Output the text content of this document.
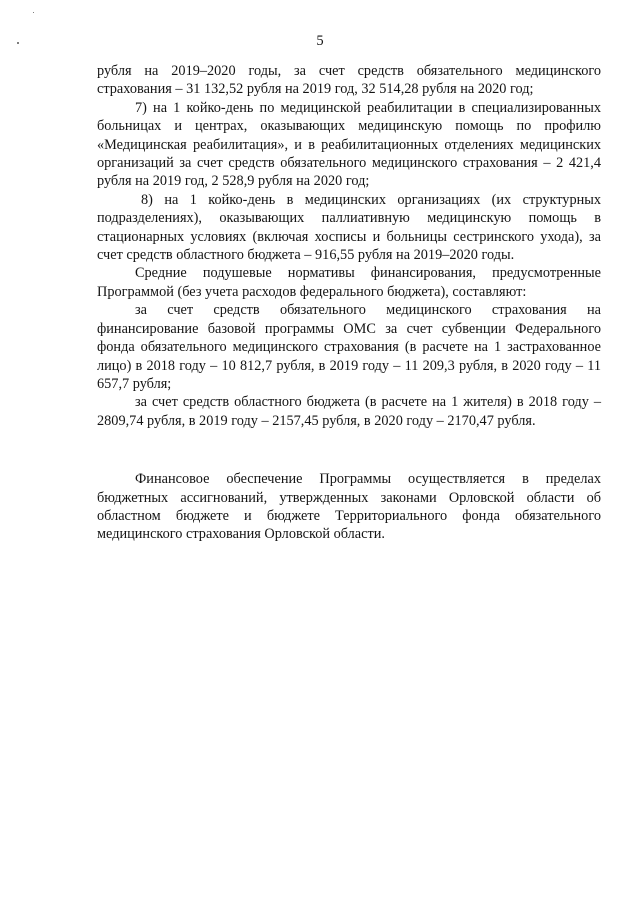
5

рубля на 2019–2020 годы, за счет средств обязательного медицинского страхования – 31 132,52 рубля на 2019 год, 32 514,28 рубля на 2020 год;

7) на 1 койко-день по медицинской реабилитации в специализированных больницах и центрах, оказывающих медицинскую помощь по профилю «Медицинская реабилитация», и в реабилитационных отделениях медицинских организаций за счет средств обязательного медицинского страхования – 2 421,4 рубля на 2019 год, 2 528,9 рубля на 2020 год;

8) на 1 койко-день в медицинских организациях (их структурных подразделениях), оказывающих паллиативную медицинскую помощь в стационарных условиях (включая хосписы и больницы сестринского ухода), за счет средств областного бюджета – 916,55 рубля на 2019–2020 годы.

Средние подушевые нормативы финансирования, предусмотренные Программой (без учета расходов федерального бюджета), составляют:

за счет средств обязательного медицинского страхования на финансирование базовой программы ОМС за счет субвенции Федерального фонда обязательного медицинского страхования (в расчете на 1 застрахованное лицо) в 2018 году – 10 812,7 рубля, в 2019 году – 11 209,3 рубля, в 2020 году – 11 657,7 рубля;

за счет средств областного бюджета (в расчете на 1 жителя) в 2018 году – 2809,74 рубля, в 2019 году – 2157,45 рубля, в 2020 году – 2170,47 рубля.

Финансовое обеспечение Программы осуществляется в пределах бюджетных ассигнований, утвержденных законами Орловской области об областном бюджете и бюджете Территориального фонда обязательного медицинского страхования Орловской области.
